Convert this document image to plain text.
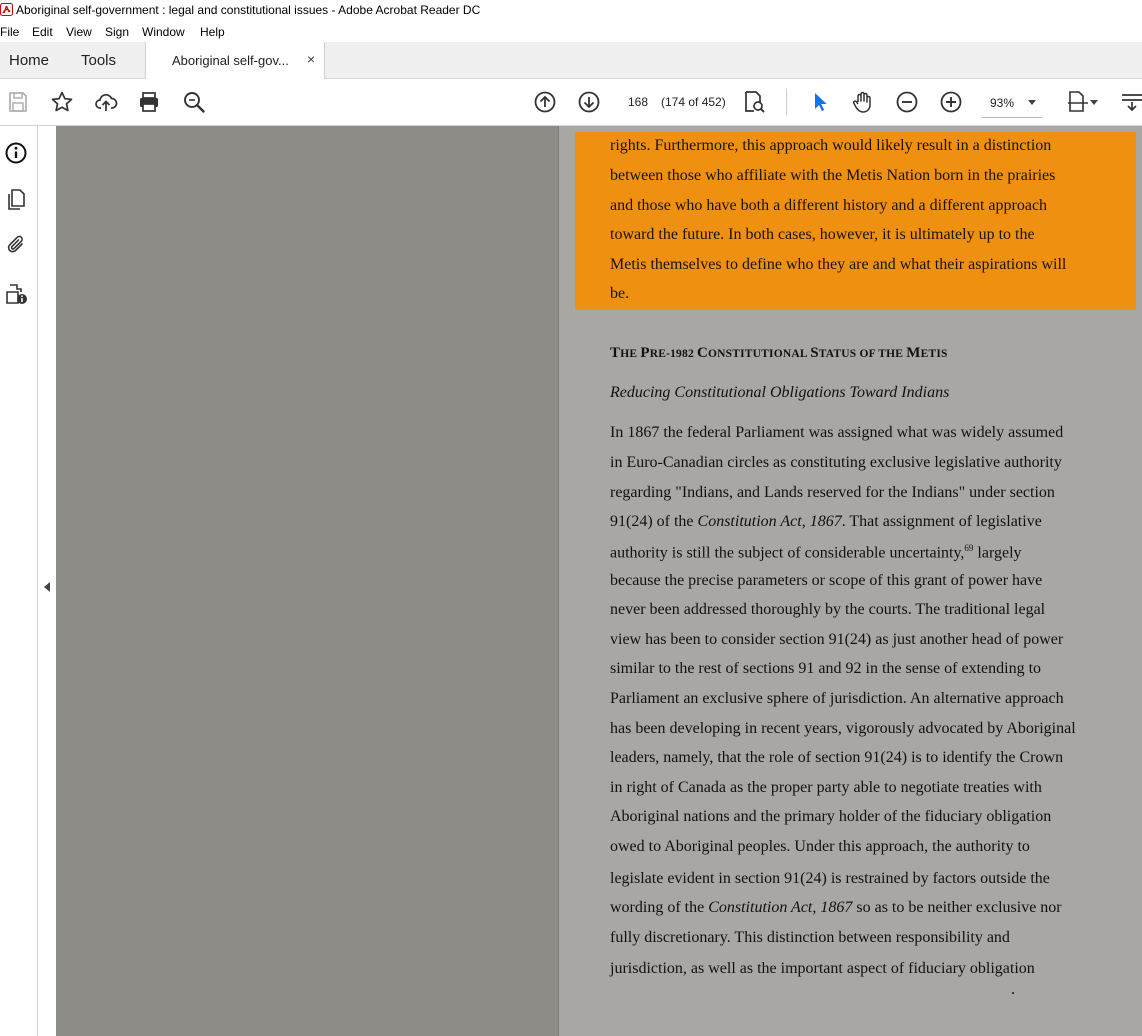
Aboriginal self-government : legal and constitutional issues - Adobe Acrobat Reader DC
File Edit View Sign Window Help
Home Tools	Aboriginal self-gov... ×
168	(174 of 452)	93%
rights. Furthermore, this approach would likely result in a distinction
between those who affiliate with the Metis Nation born in the prairies
and those who have both a different history and a different approach
toward the future. In both cases, however, it is ultimately up to the
Metis themselves to define who they are and what their aspirations will
be.
THE PRE-1982 CONSTITUTIONAL STATUS OF THE METIS
Reducing Constitutional Obligations Toward Indians
In 1867 the federal Parliament was assigned what was widely assumed
in Euro-Canadian circles as constituting exclusive legislative authority
regarding "Indians, and Lands reserved for the Indians" under section
91(24) of the Constitution Act, 1867. That assignment of legislative
authority is still the subject of considerable uncertainty,$^{69}$ largely
because the precise parameters or scope of this grant of power have
never been addressed thoroughly by the courts. The traditional legal
view has been to consider section 91(24) as just another head of power
similar to the rest of sections 91 and 92 in the sense of extending to
Parliament an exclusive sphere of jurisdiction. An alternative approach
has been developing in recent years, vigorously advocated by Aboriginal
leaders, namely, that the role of section 91(24) is to identify the Crown
in right of Canada as the proper party able to negotiate treaties with
Aboriginal nations and the primary holder of the fiduciary obligation
owed to Aboriginal peoples. Under this approach, the authority to
legislate evident in section 91(24) is restrained by factors outside the
wording of the Constitution Act, 1867 so as to be neither exclusive nor
fully discretionary. This distinction between responsibility and
jurisdiction, as well as the important aspect of fiduciary obligation
